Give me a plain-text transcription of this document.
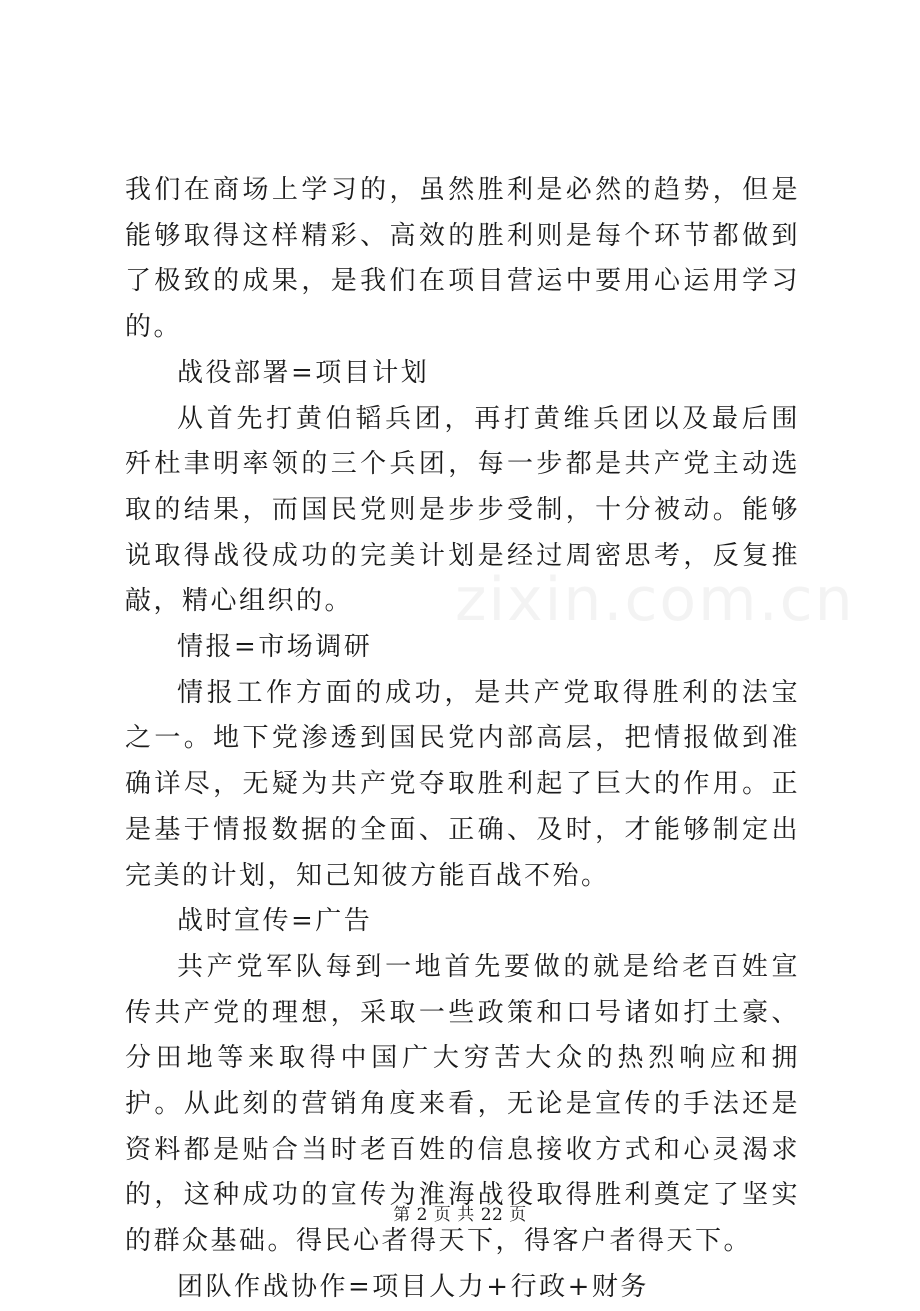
我们在商场上学习的，虽然胜利是必然的趋势，但是能够取得这样精彩、高效的胜利则是每个环节都做到了极致的成果，是我们在项目营运中要用心运用学习的。

战役部署=项目计划

从首先打黄伯韬兵团，再打黄维兵团以及最后围歼杜聿明率领的三个兵团，每一步都是共产党主动选取的结果，而国民党则是步步受制，十分被动。能够说取得战役成功的完美计划是经过周密思考，反复推敲，精心组织的。

情报=市场调研

情报工作方面的成功，是共产党取得胜利的法宝之一。地下党渗透到国民党内部高层，把情报做到准确详尽，无疑为共产党夺取胜利起了巨大的作用。正是基于情报数据的全面、正确、及时，才能够制定出完美的计划，知己知彼方能百战不殆。

战时宣传=广告

共产党军队每到一地首先要做的就是给老百姓宣传共产党的理想，采取一些政策和口号诸如打土豪、分田地等来取得中国广大穷苦大众的热烈响应和拥护。从此刻的营销角度来看，无论是宣传的手法还是资料都是贴合当时老百姓的信息接收方式和心灵渴求的，这种成功的宣传为淮海战役取得胜利奠定了坚实的群众基础。得民心者得天下，得客户者得天下。

团队作战协作=项目人力+行政+财务

zixin.com.cn
第 2 页 共 22 页
